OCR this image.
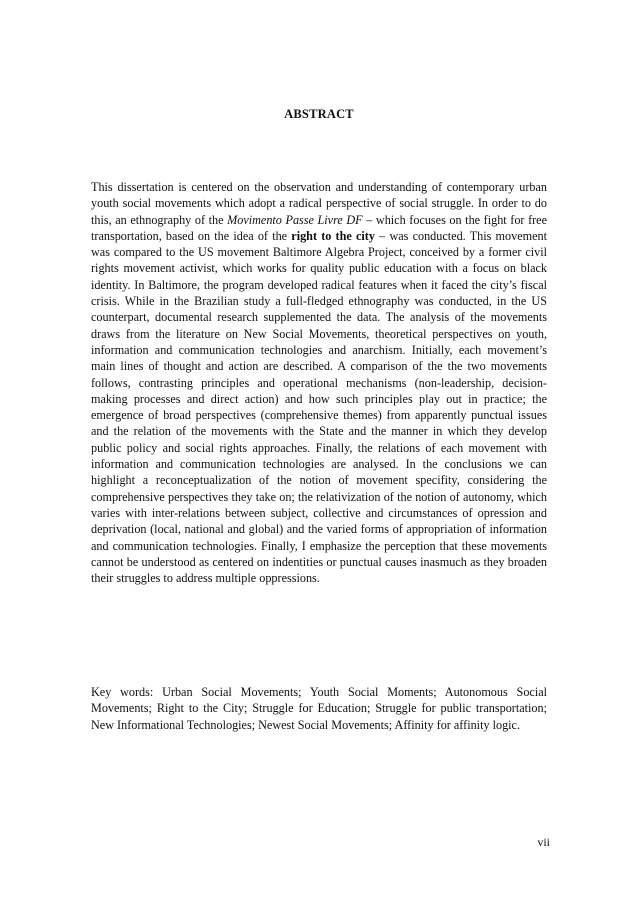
ABSTRACT

This dissertation is centered on the observation and understanding of contemporary urban youth social movements which adopt a radical perspective of social struggle. In order to do this, an ethnography of the Movimento Passe Livre DF – which focuses on the fight for free transportation, based on the idea of the right to the city – was conducted. This movement was compared to the US movement Baltimore Algebra Project, conceived by a former civil rights movement activist, which works for quality public education with a focus on black identity. In Baltimore, the program developed radical features when it faced the city’s fiscal crisis. While in the Brazilian study a full-fledged ethnography was conducted, in the US counterpart, documental research supplemented the data. The analysis of the movements draws from the literature on New Social Movements, theoretical perspectives on youth, information and communication technologies and anarchism. Initially, each movement’s main lines of thought and action are described. A comparison of the the two movements follows, contrasting principles and operational mechanisms (non-leadership, decision-making processes and direct action) and how such principles play out in practice; the emergence of broad perspectives (comprehensive themes) from apparently punctual issues and the relation of the movements with the State and the manner in which they develop public policy and social rights approaches. Finally, the relations of each movement with information and communication technologies are analysed. In the conclusions we can highlight a reconceptualization of the notion of movement specifity, considering the comprehensive perspectives they take on; the relativization of the notion of autonomy, which varies with inter-relations between subject, collective and circumstances of opression and deprivation (local, national and global) and the varied forms of appropriation of information and communication technologies. Finally, I emphasize the perception that these movements cannot be understood as centered on indentities or punctual causes inasmuch as they broaden their struggles to address multiple oppressions.

Key words: Urban Social Movements; Youth Social Moments; Autonomous Social Movements; Right to the City; Struggle for Education; Struggle for public transportation; New Informational Technologies; Newest Social Movements; Affinity for affinity logic.

vii
